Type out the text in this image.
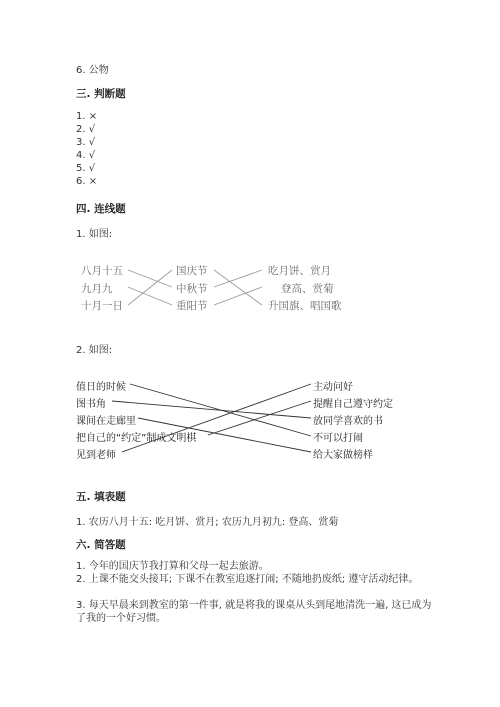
6. 公物
三. 判断题
1. ×
2. √
3. √
4. √
5. √
6. ×
四. 连线题
1. 如图:
八月十五
九月九
十月一日
国庆节
中秋节
重阳节
吃月饼、赏月
登高、赏菊
升国旗、唱国歌
2. 如图:
值日的时候
图书角
课间在走廊里
把自己的“约定”制成文明棋
见到老师
主动问好
提醒自己遵守约定
放同学喜欢的书
不可以打闹
给大家做榜样
五. 填表题
1. 农历八月十五: 吃月饼、赏月; 农历九月初九: 登高、赏菊
六. 简答题
1. 今年的国庆节我打算和父母一起去旅游。
2. 上课不能交头接耳; 下课不在教室追逐打闹; 不随地扔废纸; 遵守活动纪律。
3. 每天早晨来到教室的第一件事, 就是将我的课桌从头到尾地清洗一遍, 这已成为了我的一个好习惯。
